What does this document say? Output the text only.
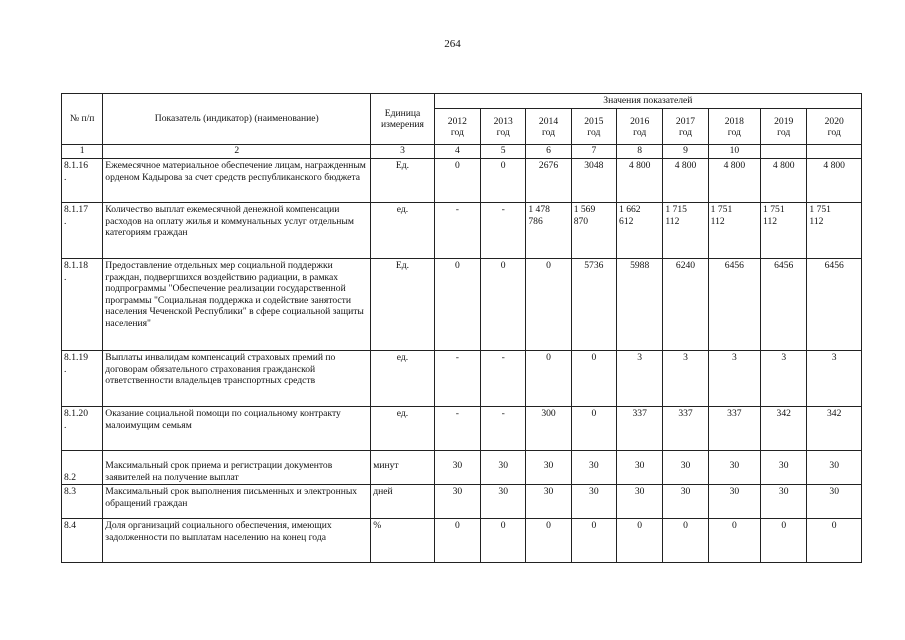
264
№ п/п	Показатель (индикатор) (наименование)	Единица измерения	Значения показателей								

			2012
год	2013
год	2014
год	2015
год	2016
год	2017
год	2018
год	2019
год	2020
год

1	2	3	4	5	6	7	8	9	10		
8.1.16
.	Ежемесячное материальное обеспечение лицам, награжденным орденом Кадырова за счет средств республиканского бюджета	Ед.	0	0	2676	3048	4 800	4 800	4 800	4 800	4 800
8.1.17
.	Количество выплат ежемесячной денежной компенсации расходов на оплату жилья и коммунальных услуг отдельным категориям граждан	ед.	-	-	1 478
786	1 569
870	1 662
612	1 715
112	1 751
112	1 751
112	1 751
112
8.1.18
.	Предоставление отдельных мер социальной поддержки граждан, подвергшихся воздействию радиации, в рамках подпрограммы "Обеспечение реализации государственной программы "Социальная поддержка и содействие занятости населения Чеченской Республики" в сфере социальной защиты населения"	Ед.	0	0	0	5736	5988	6240	6456	6456	6456
8.1.19
.	Выплаты инвалидам компенсаций страховых премий по договорам обязательного страхования гражданской ответственности владельцев транспортных средств	ед.	-	-	0	0	3	3	3	3	3
8.1.20
.	Оказание социальной помощи по социальному контракту малоимущим семьям	ед.	-	-	300	0	337	337	337	342	342
8.2	Максимальный срок приема и регистрации документов заявителей на получение выплат	минут	30	30	30	30	30	30	30	30	30
8.3	Максимальный срок выполнения письменных и электронных обращений граждан	дней	30	30	30	30	30	30	30	30	30
8.4	Доля организаций социального обеспечения, имеющих задолженности по выплатам населению на конец года	%	0	0	0	0	0	0	0	0	0
